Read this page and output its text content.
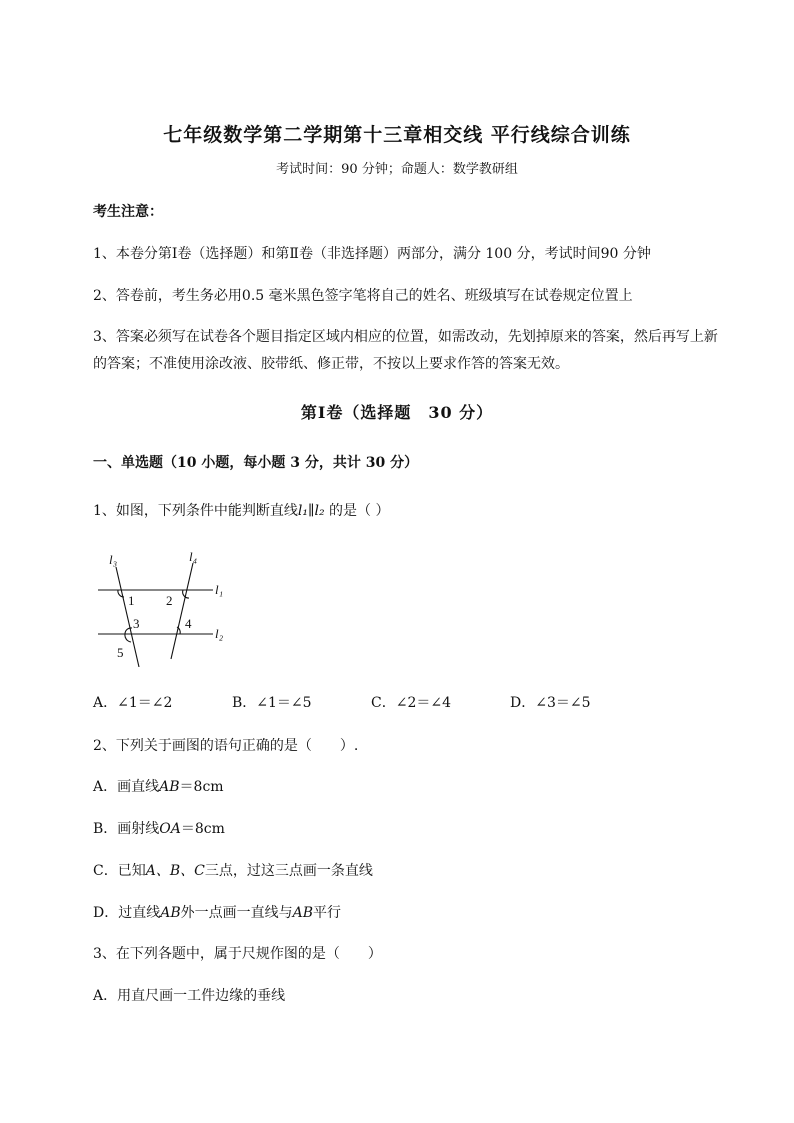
七年级数学第二学期第十三章相交线 平行线综合训练
考试时间：90 分钟；命题人：数学教研组
考生注意：
1、本卷分第Ⅰ卷（选择题）和第Ⅱ卷（非选择题）两部分，满分 100 分，考试时间90 分钟
2、答卷前，考生务必用0.5 毫米黑色签字笔将自己的姓名、班级填写在试卷规定位置上
3、答案必须写在试卷各个题目指定区域内相应的位置，如需改动，先划掉原来的答案，然后再写上新
的答案；不准使用涂改液、胶带纸、修正带，不按以上要求作答的答案无效。
第Ⅰ卷（选择题　30 分）
一、单选题（10 小题，每小题 3 分，共计 30 分）
1、如图，下列条件中能判断直线l₁∥l₂ 的是（ ）
l₃	l₄
l₁
l₂
1 2
3	4
5
A．∠1＝∠2	B．∠1＝∠5	C．∠2＝∠4	D．∠3＝∠5
2、下列关于画图的语句正确的是（　　）.
A．画直线AB＝8cm
B．画射线OA＝8cm
C．已知A、B、C三点，过这三点画一条直线
D．过直线AB外一点画一直线与AB平行
3、在下列各题中，属于尺规作图的是（　　）
A．用直尺画一工件边缘的垂线
